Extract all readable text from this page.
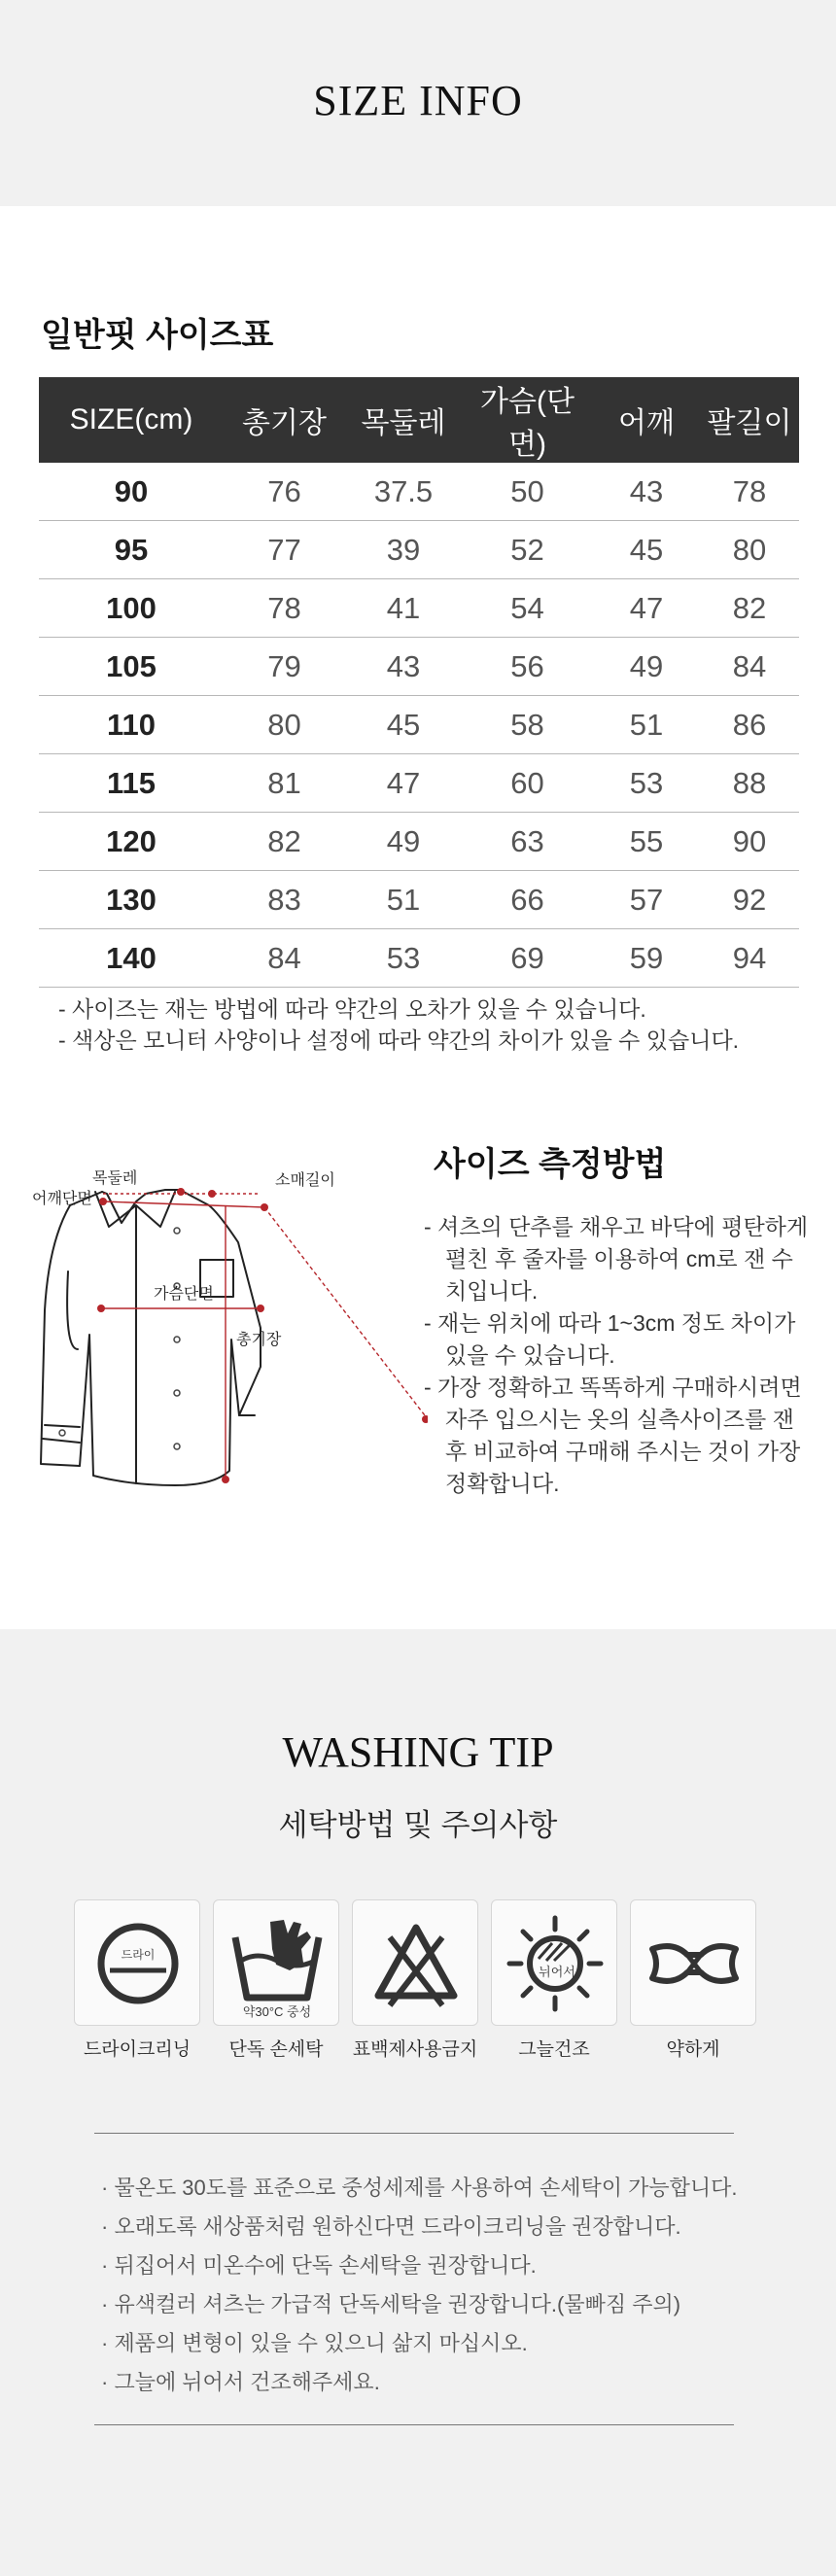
SIZE INFO
일반핏 사이즈표
SIZE(cm)	총기장	목둘레	가슴(단면)	어깨	팔길이
90	76	37.5	50	43	78
95	77	39	52	45	80
100	78	41	54	47	82
105	79	43	56	49	84
110	80	45	58	51	86
115	81	47	60	53	88
120	82	49	63	55	90
130	83	51	66	57	92
140	84	53	69	59	94
- 사이즈는 재는 방법에 따라 약간의 오차가 있을 수 있습니다.
- 색상은 모니터 사양이나 설정에 따라 약간의 차이가 있을 수 있습니다.
목둘레
어깨단면
소매길이
가슴단면
총기장
사이즈 측정방법
- 셔츠의 단추를 채우고 바닥에 평탄하게 펼친 후 줄자를 이용하여 cm로 잰 수치입니다.
- 재는 위치에 따라 1~3cm 정도 차이가 있을 수 있습니다.
- 가장 정확하고 똑똑하게 구매하시려면 자주 입으시는 옷의 실측사이즈를 잰 후 비교하여 구매해 주시는 것이 가장 정확합니다.
WASHING TIP
세탁방법 및 주의사항
드라이
약30°C 중성
뉘어서
드라이크리닝	단독 손세탁	표백제사용금지	그늘건조	약하게
· 물온도 30도를 표준으로 중성세제를 사용하여 손세탁이 가능합니다.
· 오래도록 새상품처럼 원하신다면 드라이크리닝을 권장합니다.
· 뒤집어서 미온수에 단독 손세탁을 권장합니다.
· 유색컬러 셔츠는 가급적 단독세탁을 권장합니다.(물빠짐 주의)
· 제품의 변형이 있을 수 있으니 삶지 마십시오.
· 그늘에 뉘어서 건조해주세요.
